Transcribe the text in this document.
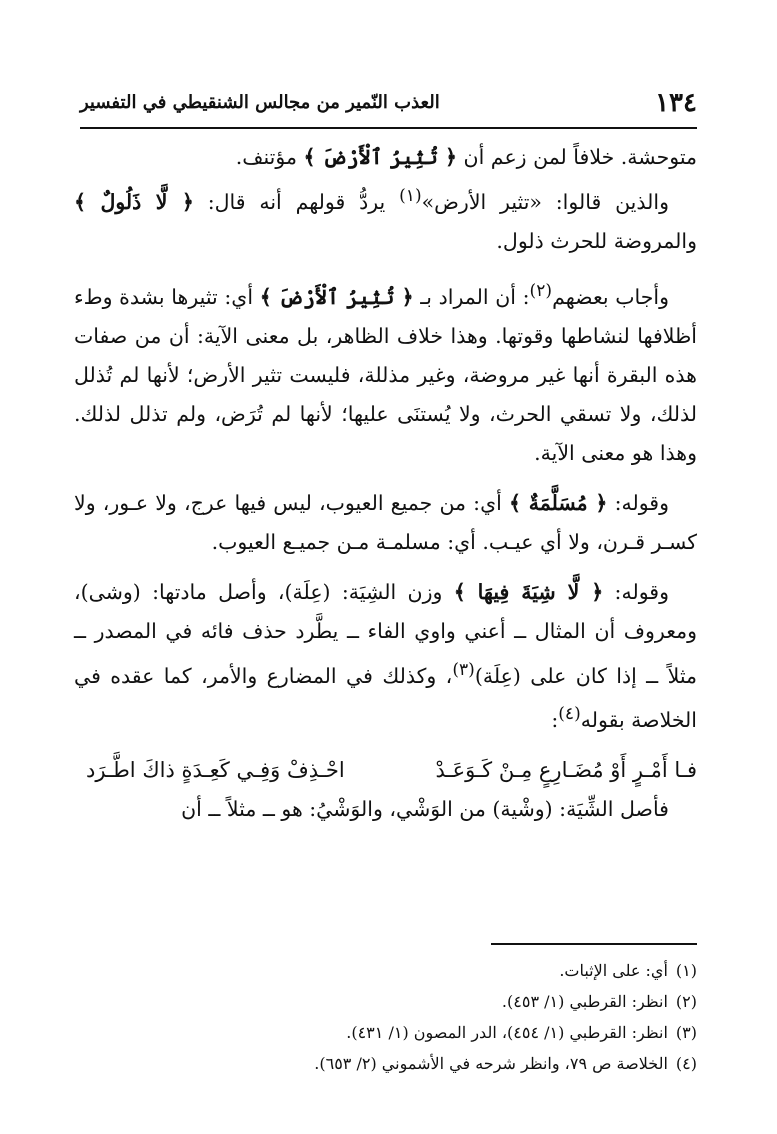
١٣٤
العذب النّمير من مجالس الشنقيطي في التفسير

متوحشة. خلافاً لمن زعم أن ﴿ تُثِيرُ ٱلْأَرْضَ ﴾ مؤتنف.

والذين قالوا: «تثير الأرض»$^{(١)}$ يردُّ قولهم أنه قال: ﴿ لَّا ذَلُولٌ ﴾ والمروضة للحرث ذلول.

وأجاب بعضهم$^{(٢)}$: أن المراد بـ ﴿ تُثِيرُ ٱلْأَرْضَ ﴾ أي: تثيرها بشدة وطء أظلافها لنشاطها وقوتها. وهذا خلاف الظاهر، بل معنى الآية: أن من صفات هذه البقرة أنها غير مروضة، وغير مذللة، فليست تثير الأرض؛ لأنها لم تُذلل لذلك، ولا تسقي الحرث، ولا يُستنَى عليها؛ لأنها لم تُرَض، ولم تذلل لذلك. وهذا هو معنى الآية.

وقوله: ﴿ مُسَلَّمَةٌ ﴾ أي: من جميع العيوب، ليس فيها عرج، ولا عـور، ولا كسـر قـرن، ولا أي عيـب. أي: مسلمـة مـن جميـع العيوب.

وقوله: ﴿ لَّا شِيَةَ فِيهَا ﴾ وزن الشِيَة: (عِلَة)، وأصل مادتها: (وشى)، ومعروف أن المثال ــ أعني واوي الفاء ــ يطَّرد حذف فائه في المصدر ــ مثلاً ــ إذا كان على (عِلَة)$^{(٣)}$، وكذلك في المضارع والأمر، كما عقده في الخلاصة بقوله$^{(٤)}$:

فـا أَمْـرٍ أَوْ مُضَـارِعٍ مِـنْ كَـوَعَـدْ
احْـذِفْ وَفِـي كَعِـدَةٍ ذاكَ اطَّـرَد

فأصل الشِّيَة: (وشْية) من الوَشْي، والوَشْيُ: هو ــ مثلاً ــ أن

(١)أي: على الإثبات.

(٢)انظر: القرطبي (١/ ٤٥٣).

(٣)انظر: القرطبي (١/ ٤٥٤)، الدر المصون (١/ ٤٣١).

(٤)الخلاصة ص ٧٩، وانظر شرحه في الأشموني (٢/ ٦٥٣).
